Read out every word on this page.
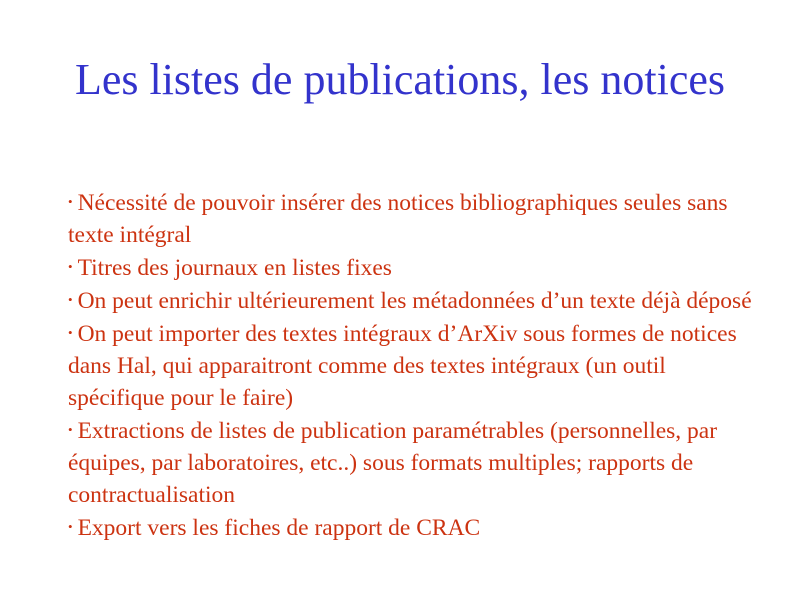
Les listes de publications, les notices
• Nécessité de pouvoir insérer des notices bibliographiques seules sans texte intégral
• Titres des journaux en listes fixes
• On peut enrichir ultérieurement les métadonnées d’un texte déjà déposé
• On peut importer des textes intégraux d’ArXiv sous formes de notices dans Hal, qui apparaitront comme des textes intégraux (un outil spécifique pour le faire)
• Extractions de listes de publication paramétrables (personnelles, par équipes, par laboratoires, etc..) sous formats multiples; rapports de contractualisation
• Export vers les fiches de rapport de CRAC
